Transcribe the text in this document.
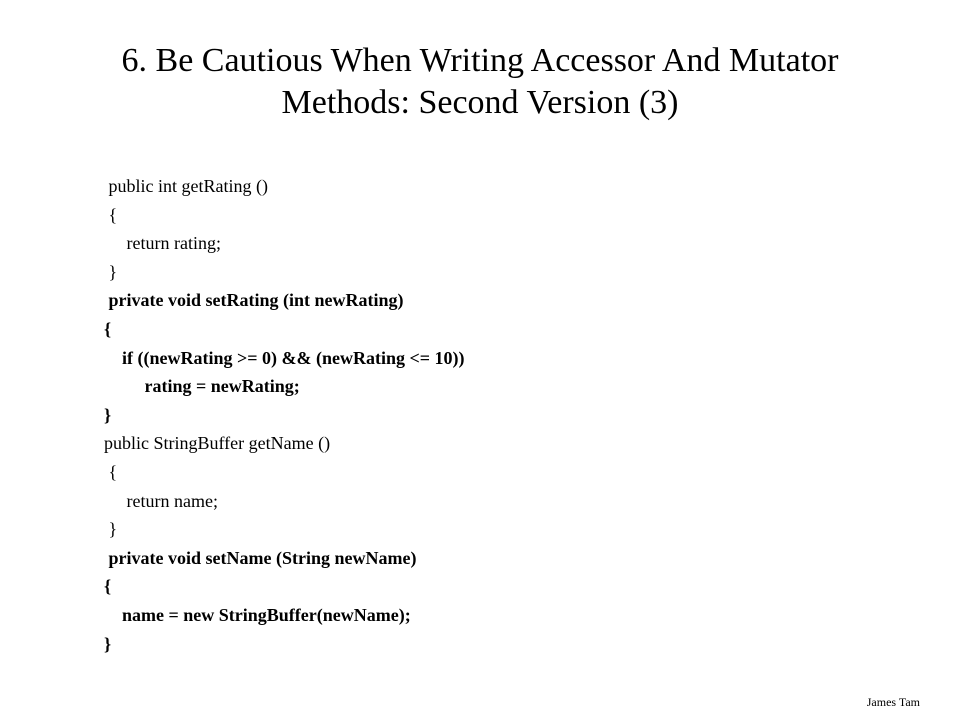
6. Be Cautious When Writing Accessor And Mutator
Methods: Second Version (3)
public int getRating ()
{
return rating;
}
private void setRating (int newRating)
{
if ((newRating >= 0) && (newRating <= 10))
rating = newRating;
}
public StringBuffer getName ()
{
return name;
}
private void setName (String newName)
{
name = new StringBuffer(newName);
}
James Tam
